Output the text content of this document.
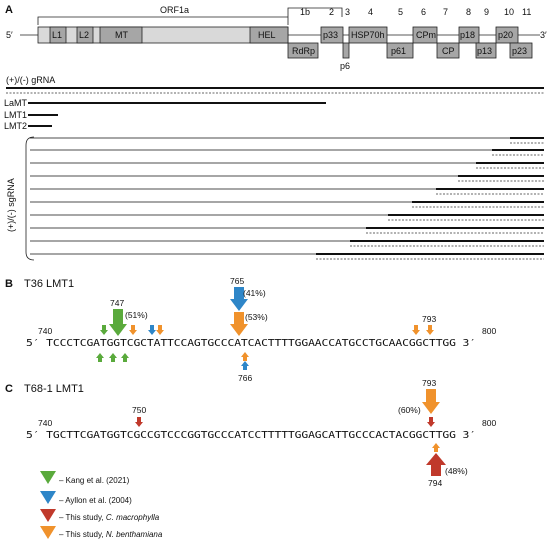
A	ORF1a	1b 2 3 4	5 6 7 8 9 10 11
5′	3′
L1 L2	MT	HEL
RdRp
p33
p6
HSP70h
p61
CPm
CP
p18
p13
p20
p23
(+)/(-) gRNA
LaMT
LMT1
LMT2
(+)/(-) sgRNA
B T36 LMT1
740	800
5′ TCCCTCGATGGTCGCTATTCCAGTGCCCATCACTTTTGGAACCATGCCTGCAACGGCTTGG 3′
747
(51%)
765
(41%)
(53%)	793
766
C T68-1 LMT1
740	800
5′ TGCTTCGATGGTCGCCGTCCCGGTGCCCATCCTTTTTGGAGCATTGCCCACTACGGCTTGG 3′
750
793
(60%)
(48%)
794
– Kang et al. (2021)
– Ayllon et al. (2004)
– This study, C. macrophylla
– This study, N. benthamiana
